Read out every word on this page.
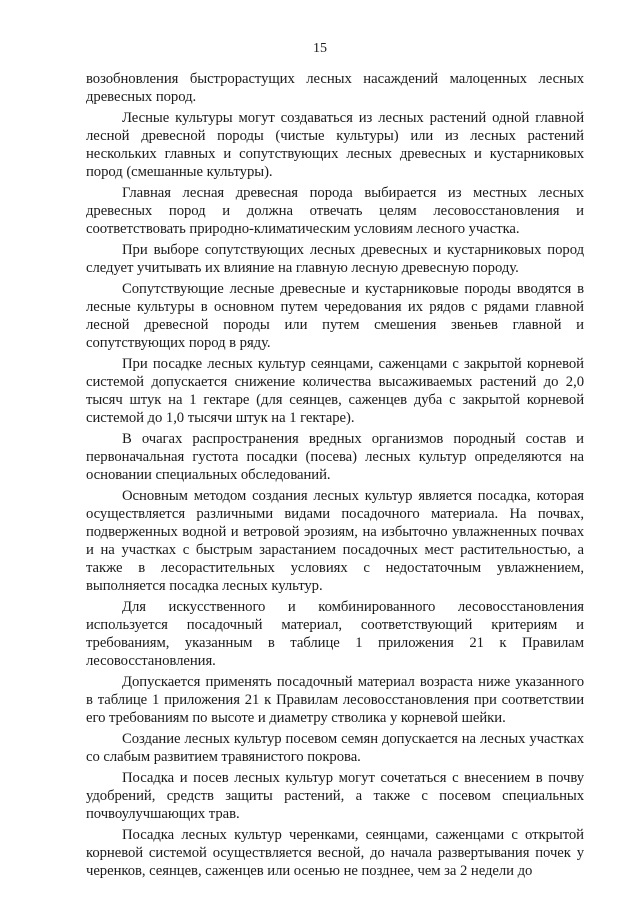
15

возобновления быстрорастущих лесных насаждений малоценных лесных древесных пород.

Лесные культуры могут создаваться из лесных растений одной главной лесной древесной породы (чистые культуры) или из лесных растений нескольких главных и сопутствующих лесных древесных и кустарниковых пород (смешанные культуры).

Главная лесная древесная порода выбирается из местных лесных древесных пород и должна отвечать целям лесовосстановления и соответствовать природно-климатическим условиям лесного участка.

При выборе сопутствующих лесных древесных и кустарниковых пород следует учитывать их влияние на главную лесную древесную породу.

Сопутствующие лесные древесные и кустарниковые породы вводятся в лесные культуры в основном путем чередования их рядов с рядами главной лесной древесной породы или путем смешения звеньев главной и сопутствующих пород в ряду.

При посадке лесных культур сеянцами, саженцами с закрытой корневой системой допускается снижение количества высаживаемых растений до 2,0 тысяч штук на 1 гектаре (для сеянцев, саженцев дуба с закрытой корневой системой до 1,0 тысячи штук на 1 гектаре).

В очагах распространения вредных организмов породный состав и первоначальная густота посадки (посева) лесных культур определяются на основании специальных обследований.

Основным методом создания лесных культур является посадка, которая осуществляется различными видами посадочного материала. На почвах, подверженных водной и ветровой эрозиям, на избыточно увлажненных почвах и на участках с быстрым зарастанием посадочных мест растительностью, а также в лесорастительных условиях с недостаточным увлажнением, выполняется посадка лесных культур.

Для искусственного и комбинированного лесовосстановления используется посадочный материал, соответствующий критериям и требованиям, указанным в таблице 1 приложения 21 к Правилам лесовосстановления.

Допускается применять посадочный материал возраста ниже указанного в таблице 1 приложения 21 к Правилам лесовосстановления при соответствии его требованиям по высоте и диаметру стволика у корневой шейки.

Создание лесных культур посевом семян допускается на лесных участках со слабым развитием травянистого покрова.

Посадка и посев лесных культур могут сочетаться с внесением в почву удобрений, средств защиты растений, а также с посевом специальных почвоулучшающих трав.

Посадка лесных культур черенками, сеянцами, саженцами с открытой корневой системой осуществляется весной, до начала развертывания почек у черенков, сеянцев, саженцев или осенью не позднее, чем за 2 недели до
